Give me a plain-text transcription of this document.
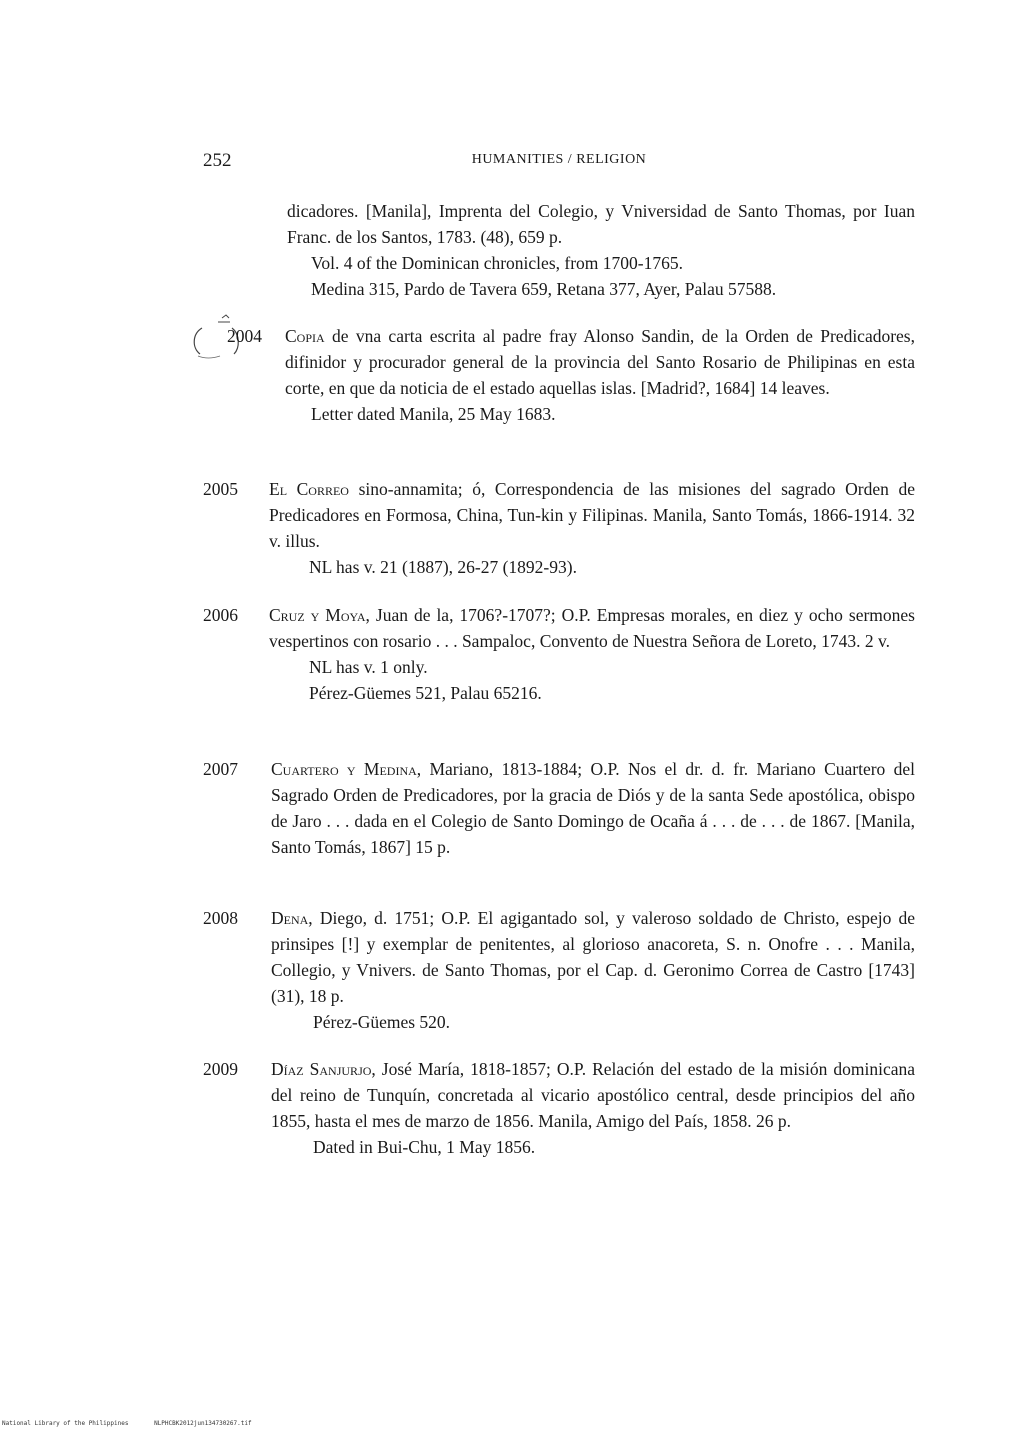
252	HUMANITIES / RELIGION
dicadores. [Manila], Imprenta del Colegio, y Vniversidad de Santo Thomas, por Iuan Franc. de los Santos, 1783. (48), 659 p.
Vol. 4 of the Dominican chronicles, from 1700-1765.
Medina 315, Pardo de Tavera 659, Retana 377, Ayer, Palau 57588.
2004	Copia de vna carta escrita al padre fray Alonso Sandin, de la Orden de Predicadores, difinidor y procurador general de la provincia del Santo Rosario de Philipinas en esta corte, en que da noticia de el estado aquellas islas. [Madrid?, 1684] 14 leaves.
Letter dated Manila, 25 May 1683.
2005	El Correo sino-annamita; ó, Correspondencia de las misiones del sagrado Orden de Predicadores en Formosa, China, Tun-kin y Filipinas. Manila, Santo Tomás, 1866-1914. 32 v. illus.
NL has v. 21 (1887), 26-27 (1892-93).
2006	Cruz y Moya, Juan de la, 1706?-1707?; O.P. Empresas morales, en diez y ocho sermones vespertinos con rosario . . . Sampaloc, Convento de Nuestra Señora de Loreto, 1743. 2 v.
NL has v. 1 only.
Pérez-Güemes 521, Palau 65216.
2007	Cuartero y Medina, Mariano, 1813-1884; O.P. Nos el dr. d. fr. Mariano Cuartero del Sagrado Orden de Predicadores, por la gracia de Diós y de la santa Sede apostólica, obispo de Jaro . . . dada en el Colegio de Santo Domingo de Ocaña á . . . de . . . de 1867. [Manila, Santo Tomás, 1867] 15 p.
2008	Dena, Diego, d. 1751; O.P. El agigantado sol, y valeroso soldado de Christo, espejo de prinsipes [!] y exemplar de penitentes, al glorioso anacoreta, S. n. Onofre . . . Manila, Collegio, y Vnivers. de Santo Thomas, por el Cap. d. Geronimo Correa de Castro [1743] (31), 18 p.
Pérez-Güemes 520.
2009	Díaz Sanjurjo, José María, 1818-1857; O.P. Relación del estado de la misión dominicana del reino de Tunquín, concretada al vicario apostólico central, desde principios del año 1855, hasta el mes de marzo de 1856. Manila, Amigo del País, 1858. 26 p.
Dated in Bui-Chu, 1 May 1856.
National Library of the Philippines	NLPHCBK2012jun134730267.tif
